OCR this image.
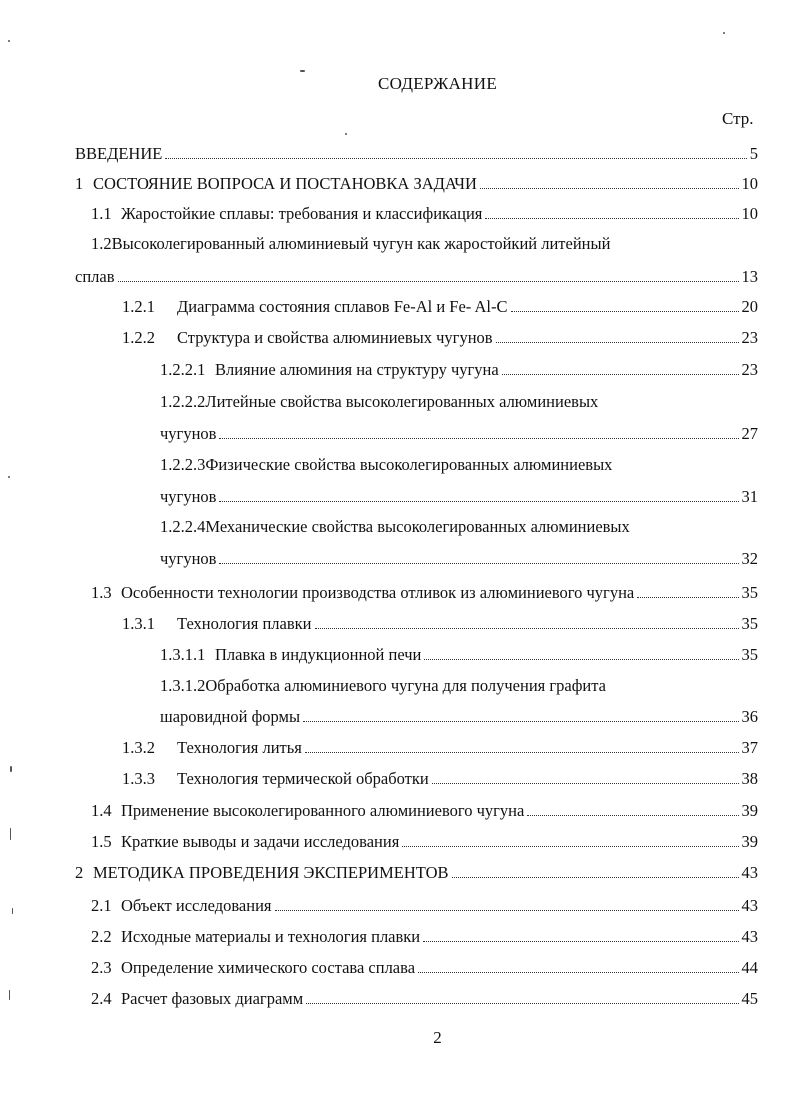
СОДЕРЖАНИЕ
Стр.
ВВЕДЕНИЕ	5
1 СОСТОЯНИЕ ВОПРОСА И ПОСТАНОВКА ЗАДАЧИ	10
1.1 Жаростойкие сплавы: требования и классификация	10
1.2Высоколегированный алюминиевый чугун как жаростойкий литейный
сплав	13
1.2.1	Диаграмма состояния сплавов Fe-Al и Fe- Al-C	20
1.2.2	Структура и свойства алюминиевых чугунов	23
1.2.2.1 Влияние алюминия на структуру чугуна	23
1.2.2.2Литейные свойства высоколегированных алюминиевых
чугунов	27
1.2.2.3Физические свойства высоколегированных алюминиевых
чугунов	31
1.2.2.4Механические свойства высоколегированных алюминиевых
чугунов	32
1.3 Особенности технологии производства отливок из алюминиевого чугуна	35
1.3.1	Технология плавки	35
1.3.1.1 Плавка в индукционной печи	35
1.3.1.2Обработка алюминиевого чугуна для получения графита
шаровидной формы	36
1.3.2	Технология литья	37
1.3.3	Технология термической обработки	38
1.4 Применение высоколегированного алюминиевого чугуна	39
1.5 Краткие выводы и задачи исследования	39
2 МЕТОДИКА ПРОВЕДЕНИЯ ЭКСПЕРИМЕНТОВ	43
2.1 Объект исследования	43
2.2 Исходные материалы и технология плавки	43
2.3 Определение химического состава сплава	44
2.4 Расчет фазовых диаграмм	45
2
